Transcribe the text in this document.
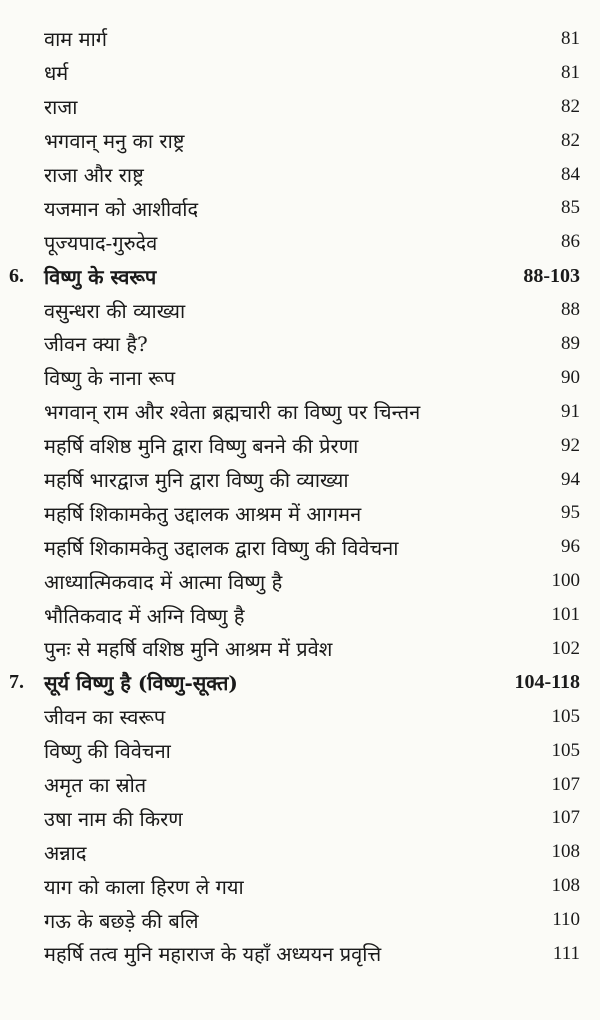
वाम मार्ग	81
धर्म	81
राजा	82
भगवान् मनु का राष्ट्र	82
राजा और राष्ट्र	84
यजमान को आशीर्वाद	85
पूज्यपाद-गुरुदेव	86
6. विष्णु के स्वरूप	88-103
वसुन्धरा की व्याख्या	88
जीवन क्या है?	89
विष्णु के नाना रूप	90
भगवान् राम और श्वेता ब्रह्मचारी का विष्णु पर चिन्तन	91
महर्षि वशिष्ठ मुनि द्वारा विष्णु बनने की प्रेरणा	92
महर्षि भारद्वाज मुनि द्वारा विष्णु की व्याख्या	94
महर्षि शिकामकेतु उद्दालक आश्रम में आगमन	95
महर्षि शिकामकेतु उद्दालक द्वारा विष्णु की विवेचना	96
आध्यात्मिकवाद में आत्मा विष्णु है	100
भौतिकवाद में अग्नि विष्णु है	101
पुनः से महर्षि वशिष्ठ मुनि आश्रम में प्रवेश	102
7. सूर्य विष्णु है (विष्णु-सूक्त)	104-118
जीवन का स्वरूप	105
विष्णु की विवेचना	105
अमृत का स्रोत	107
उषा नाम की किरण	107
अन्नाद	108
याग को काला हिरण ले गया	108
गऊ के बछड़े की बलि	110
महर्षि तत्व मुनि महाराज के यहाँ अध्ययन प्रवृत्ति	111
